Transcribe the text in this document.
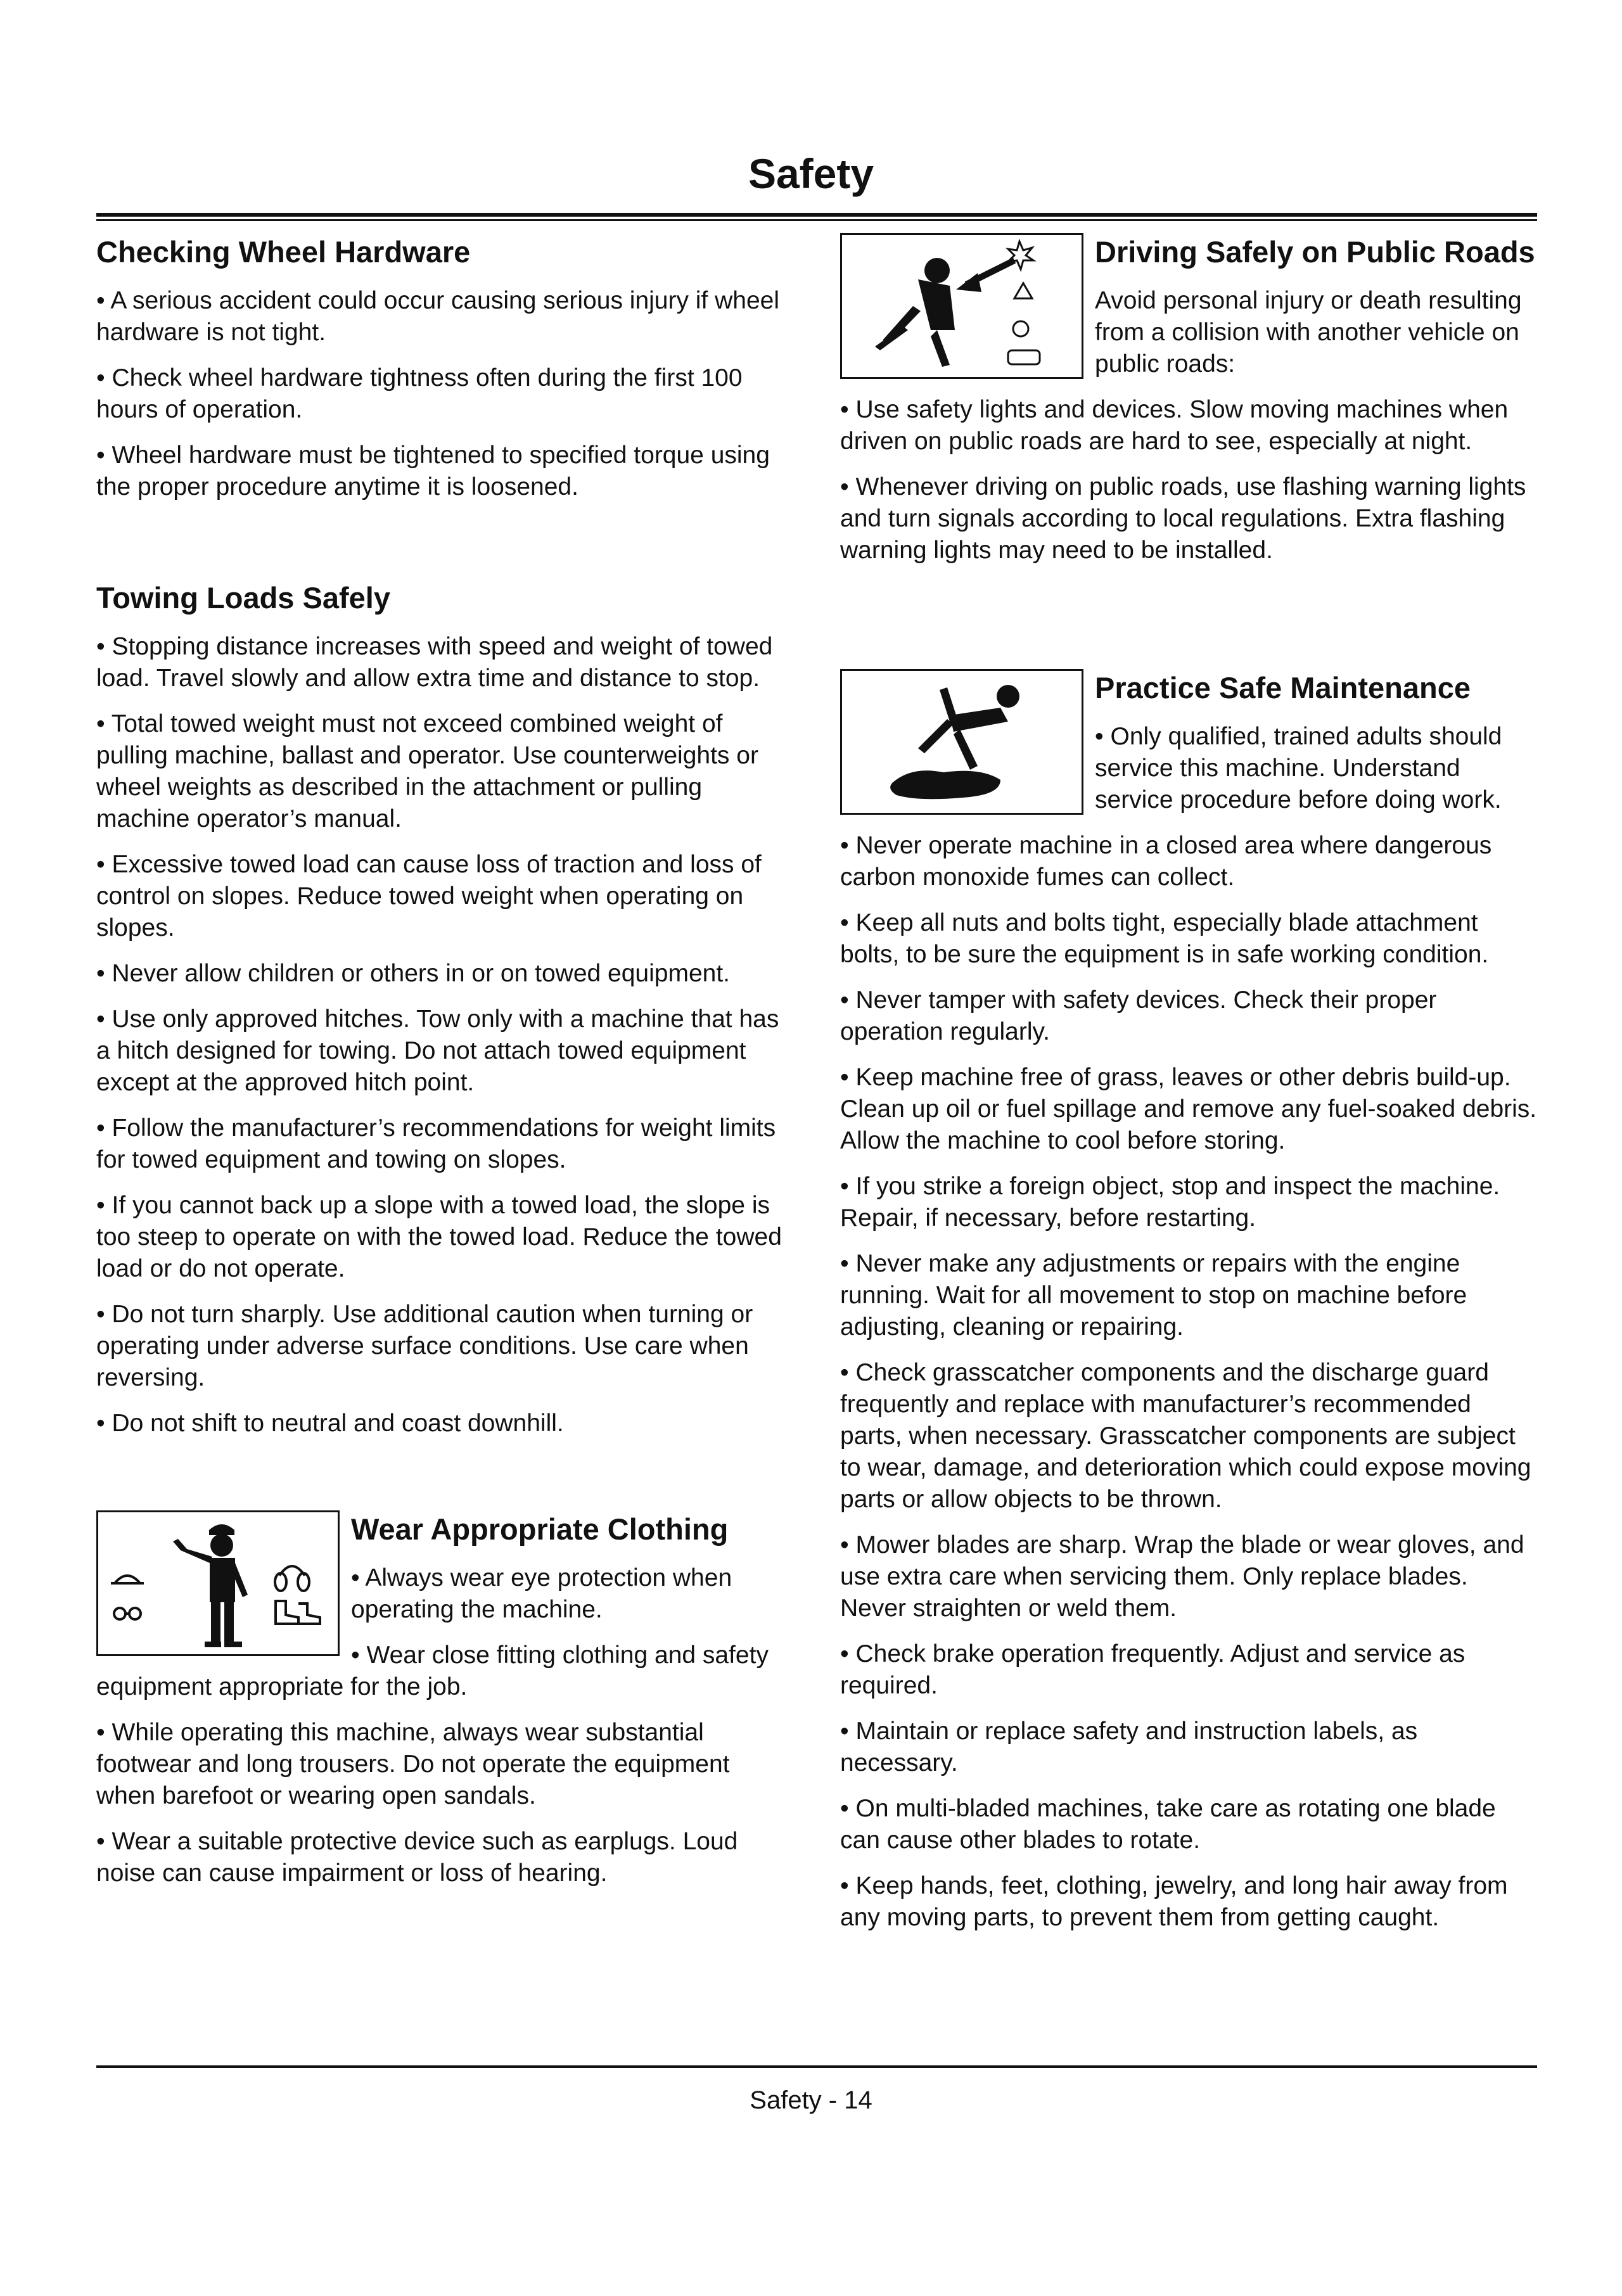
Safety
Checking Wheel Hardware

• A serious accident could occur causing serious injury if wheel hardware is not tight.

• Check wheel hardware tightness often during the first 100 hours of operation.

• Wheel hardware must be tightened to specified torque using the proper procedure anytime it is loosened.

Towing Loads Safely

• Stopping distance increases with speed and weight of towed load. Travel slowly and allow extra time and distance to stop.

• Total towed weight must not exceed combined weight of pulling machine, ballast and operator. Use counterweights or wheel weights as described in the attachment or pulling machine operator’s manual.

• Excessive towed load can cause loss of traction and loss of control on slopes. Reduce towed weight when operating on slopes.

• Never allow children or others in or on towed equipment.

• Use only approved hitches. Tow only with a machine that has a hitch designed for towing. Do not attach towed equipment except at the approved hitch point.

• Follow the manufacturer’s recommendations for weight limits for towed equipment and towing on slopes.

• If you cannot back up a slope with a towed load, the slope is too steep to operate on with the towed load. Reduce the towed load or do not operate.

• Do not turn sharply. Use additional caution when turning or operating under adverse surface conditions. Use care when reversing.

• Do not shift to neutral and coast downhill.

Wear Appropriate Clothing

• Always wear eye protection when operating the machine.

• Wear close fitting clothing and safety equipment appropriate for the job.

• While operating this machine, always wear substantial footwear and long trousers. Do not operate the equipment when barefoot or wearing open sandals.

• Wear a suitable protective device such as earplugs. Loud noise can cause impairment or loss of hearing.

Driving Safely on Public Roads

Avoid personal injury or death resulting from a collision with another vehicle on public roads:

• Use safety lights and devices. Slow moving machines when driven on public roads are hard to see, especially at night.

• Whenever driving on public roads, use flashing warning lights and turn signals according to local regulations. Extra flashing warning lights may need to be installed.

Practice Safe Maintenance

• Only qualified, trained adults should service this machine. Understand service procedure before doing work.

• Never operate machine in a closed area where dangerous carbon monoxide fumes can collect.

• Keep all nuts and bolts tight, especially blade attachment bolts, to be sure the equipment is in safe working condition.

• Never tamper with safety devices. Check their proper operation regularly.

• Keep machine free of grass, leaves or other debris build-up. Clean up oil or fuel spillage and remove any fuel-soaked debris. Allow the machine to cool before storing.

• If you strike a foreign object, stop and inspect the machine. Repair, if necessary, before restarting.

• Never make any adjustments or repairs with the engine running. Wait for all movement to stop on machine before adjusting, cleaning or repairing.

• Check grasscatcher components and the discharge guard frequently and replace with manufacturer’s recommended parts, when necessary. Grasscatcher components are subject to wear, damage, and deterioration which could expose moving parts or allow objects to be thrown.

• Mower blades are sharp. Wrap the blade or wear gloves, and use extra care when servicing them. Only replace blades. Never straighten or weld them.

• Check brake operation frequently. Adjust and service as required.

• Maintain or replace safety and instruction labels, as necessary.

• On multi-bladed machines, take care as rotating one blade can cause other blades to rotate.

• Keep hands, feet, clothing, jewelry, and long hair away from any moving parts, to prevent them from getting caught.

Safety - 14
